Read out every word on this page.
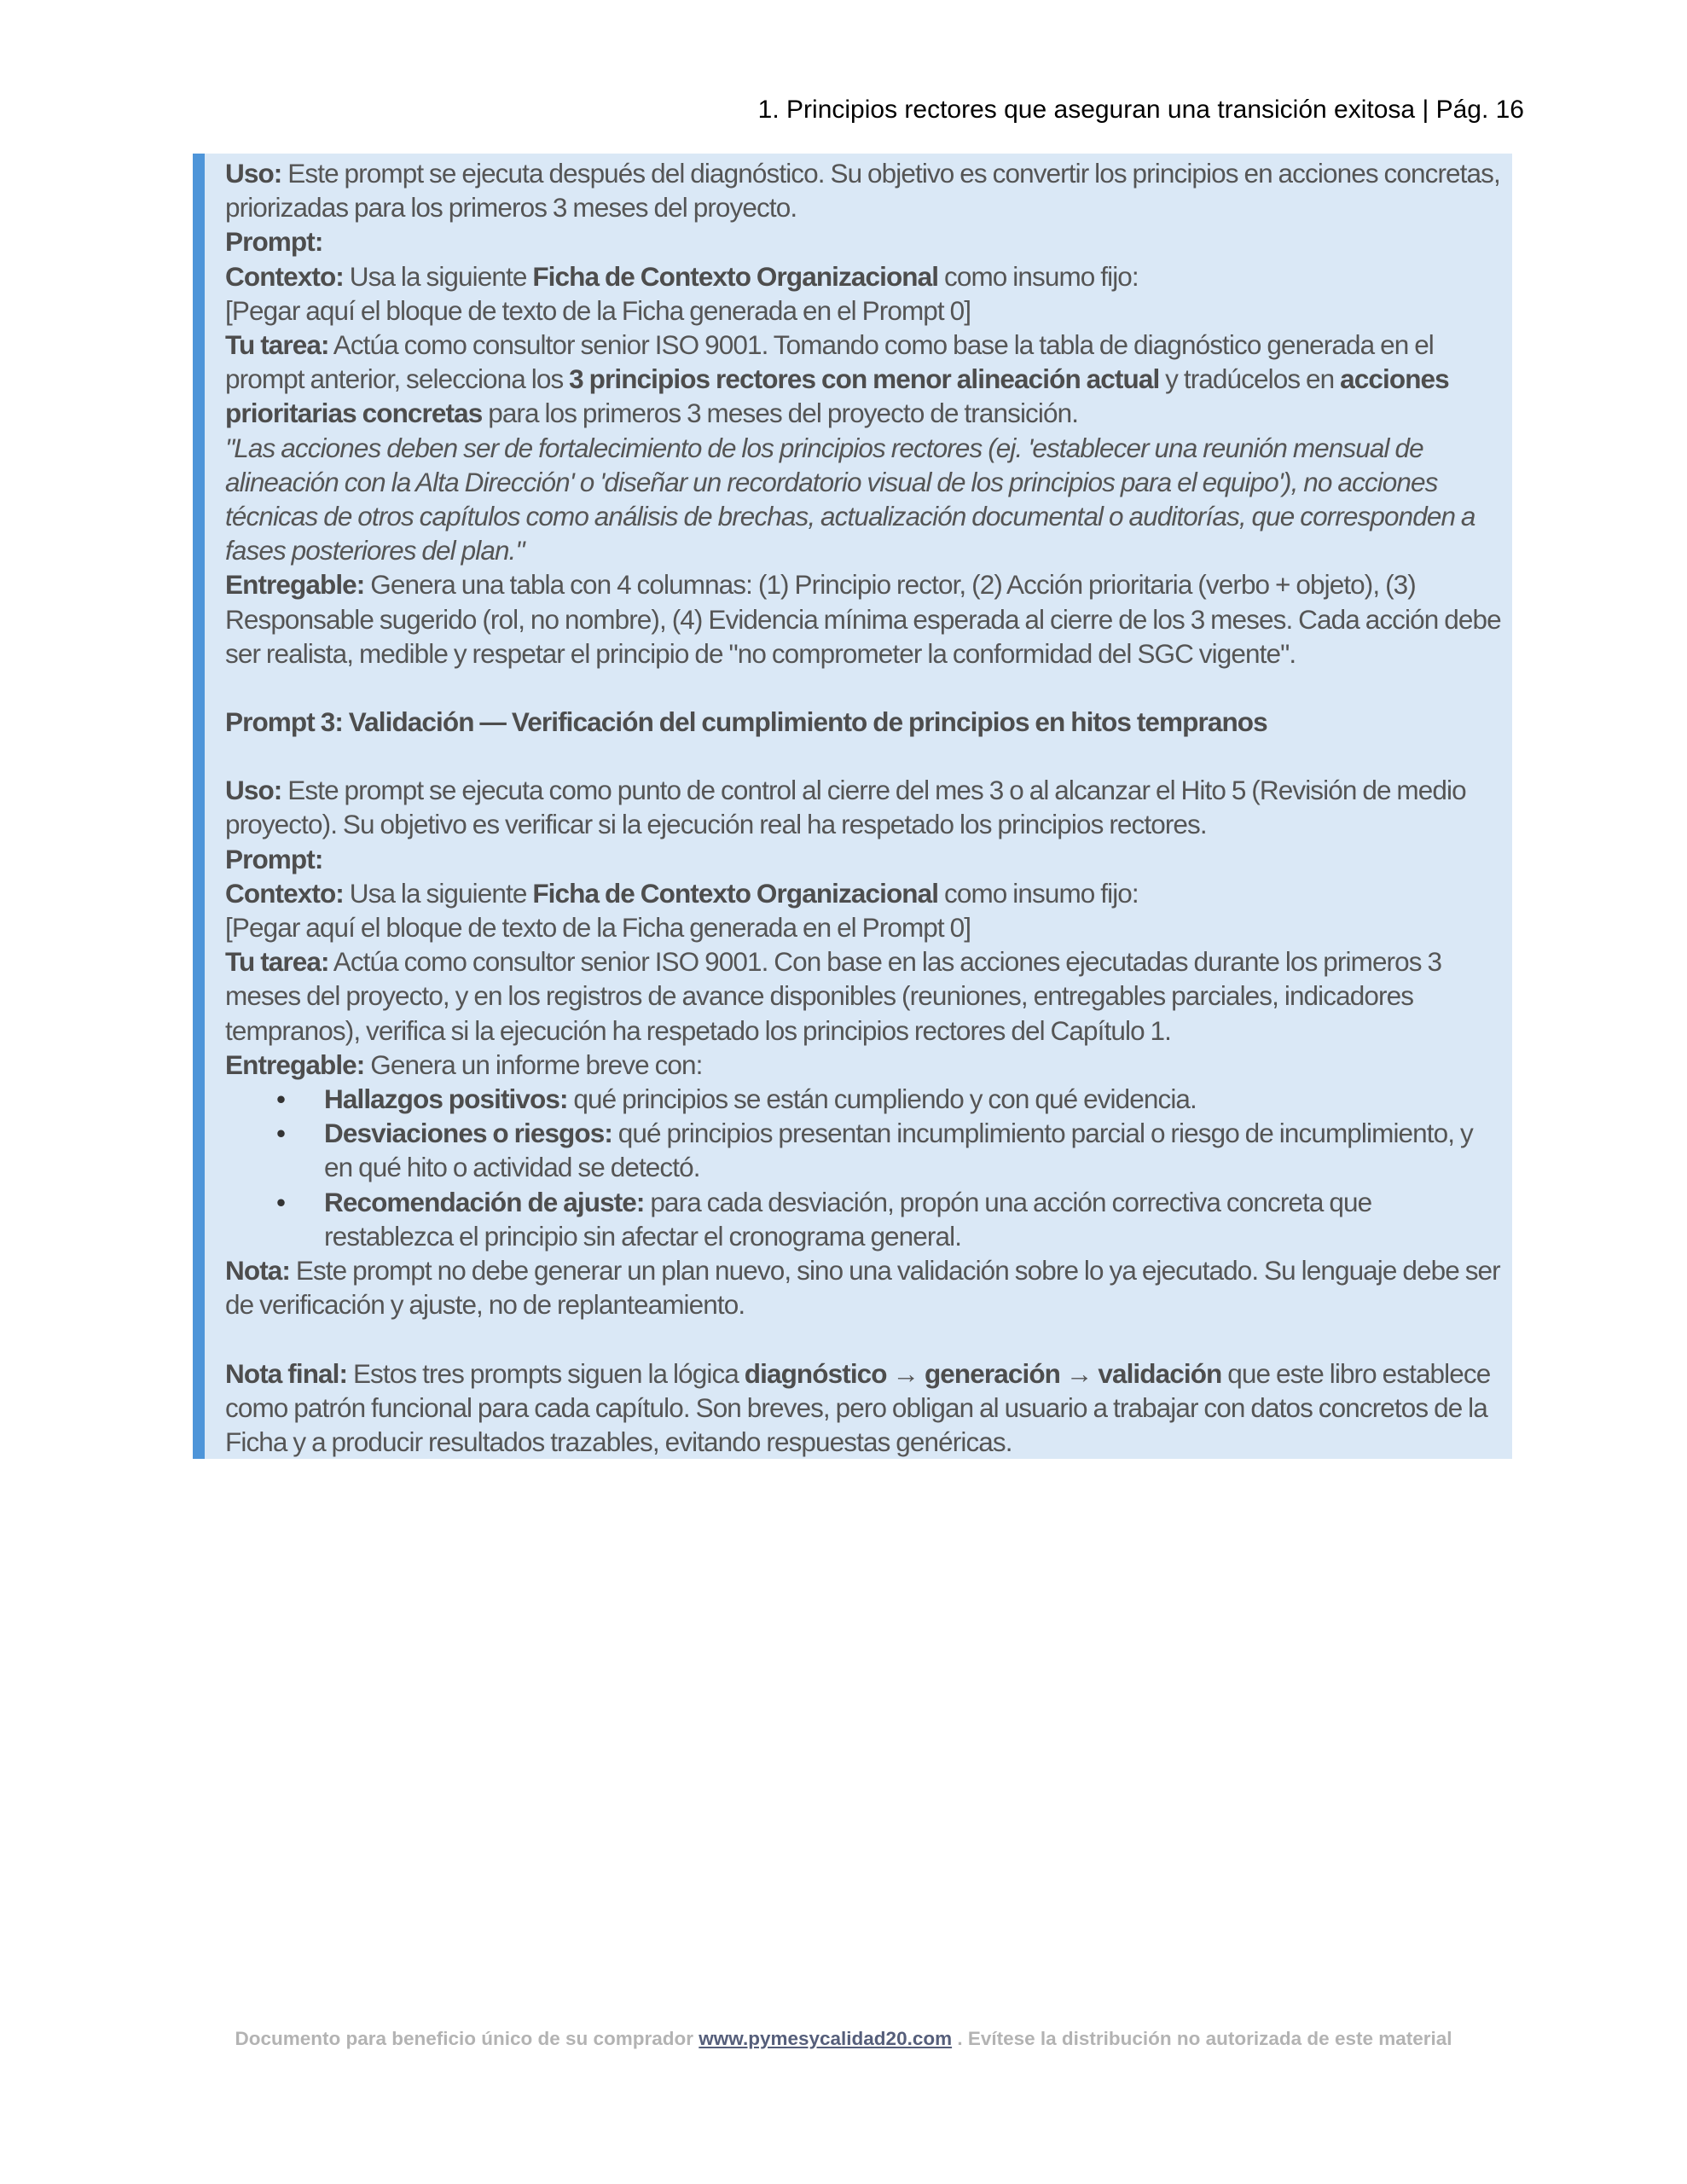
1. Principios rectores que aseguran una transición exitosa | Pág. 16

Uso: Este prompt se ejecuta después del diagnóstico. Su objetivo es convertir los principios en acciones concretas, priorizadas para los primeros 3 meses del proyecto.

Prompt:

Contexto: Usa la siguiente Ficha de Contexto Organizacional como insumo fijo:

[Pegar aquí el bloque de texto de la Ficha generada en el Prompt 0]

Tu tarea: Actúa como consultor senior ISO 9001. Tomando como base la tabla de diagnóstico generada en el prompt anterior, selecciona los 3 principios rectores con menor alineación actual y tradúcelos en acciones prioritarias concretas para los primeros 3 meses del proyecto de transición.

"Las acciones deben ser de fortalecimiento de los principios rectores (ej. 'establecer una reunión mensual de alineación con la Alta Dirección' o 'diseñar un recordatorio visual de los principios para el equipo'), no acciones técnicas de otros capítulos como análisis de brechas, actualización documental o auditorías, que corresponden a fases posteriores del plan."

Entregable: Genera una tabla con 4 columnas: (1) Principio rector, (2) Acción prioritaria (verbo + objeto), (3) Responsable sugerido (rol, no nombre), (4) Evidencia mínima esperada al cierre de los 3 meses. Cada acción debe ser realista, medible y respetar el principio de "no comprometer la conformidad del SGC vigente".

Prompt 3: Validación — Verificación del cumplimiento de principios en hitos tempranos

Uso: Este prompt se ejecuta como punto de control al cierre del mes 3 o al alcanzar el Hito 5 (Revisión de medio proyecto). Su objetivo es verificar si la ejecución real ha respetado los principios rectores.

Prompt:

Contexto: Usa la siguiente Ficha de Contexto Organizacional como insumo fijo:

[Pegar aquí el bloque de texto de la Ficha generada en el Prompt 0]

Tu tarea: Actúa como consultor senior ISO 9001. Con base en las acciones ejecutadas durante los primeros 3 meses del proyecto, y en los registros de avance disponibles (reuniones, entregables parciales, indicadores tempranos), verifica si la ejecución ha respetado los principios rectores del Capítulo 1.

Entregable: Genera un informe breve con:

• Hallazgos positivos: qué principios se están cumpliendo y con qué evidencia.
• Desviaciones o riesgos: qué principios presentan incumplimiento parcial o riesgo de incumplimiento, y en qué hito o actividad se detectó.
• Recomendación de ajuste: para cada desviación, propón una acción correctiva concreta que restablezca el principio sin afectar el cronograma general.

Nota: Este prompt no debe generar un plan nuevo, sino una validación sobre lo ya ejecutado. Su lenguaje debe ser de verificación y ajuste, no de replanteamiento.

Nota final: Estos tres prompts siguen la lógica diagnóstico → generación → validación que este libro establece como patrón funcional para cada capítulo. Son breves, pero obligan al usuario a trabajar con datos concretos de la Ficha y a producir resultados trazables, evitando respuestas genéricas.

Documento para beneficio único de su comprador www.pymesycalidad20.com . Evítese la distribución no autorizada de este material
